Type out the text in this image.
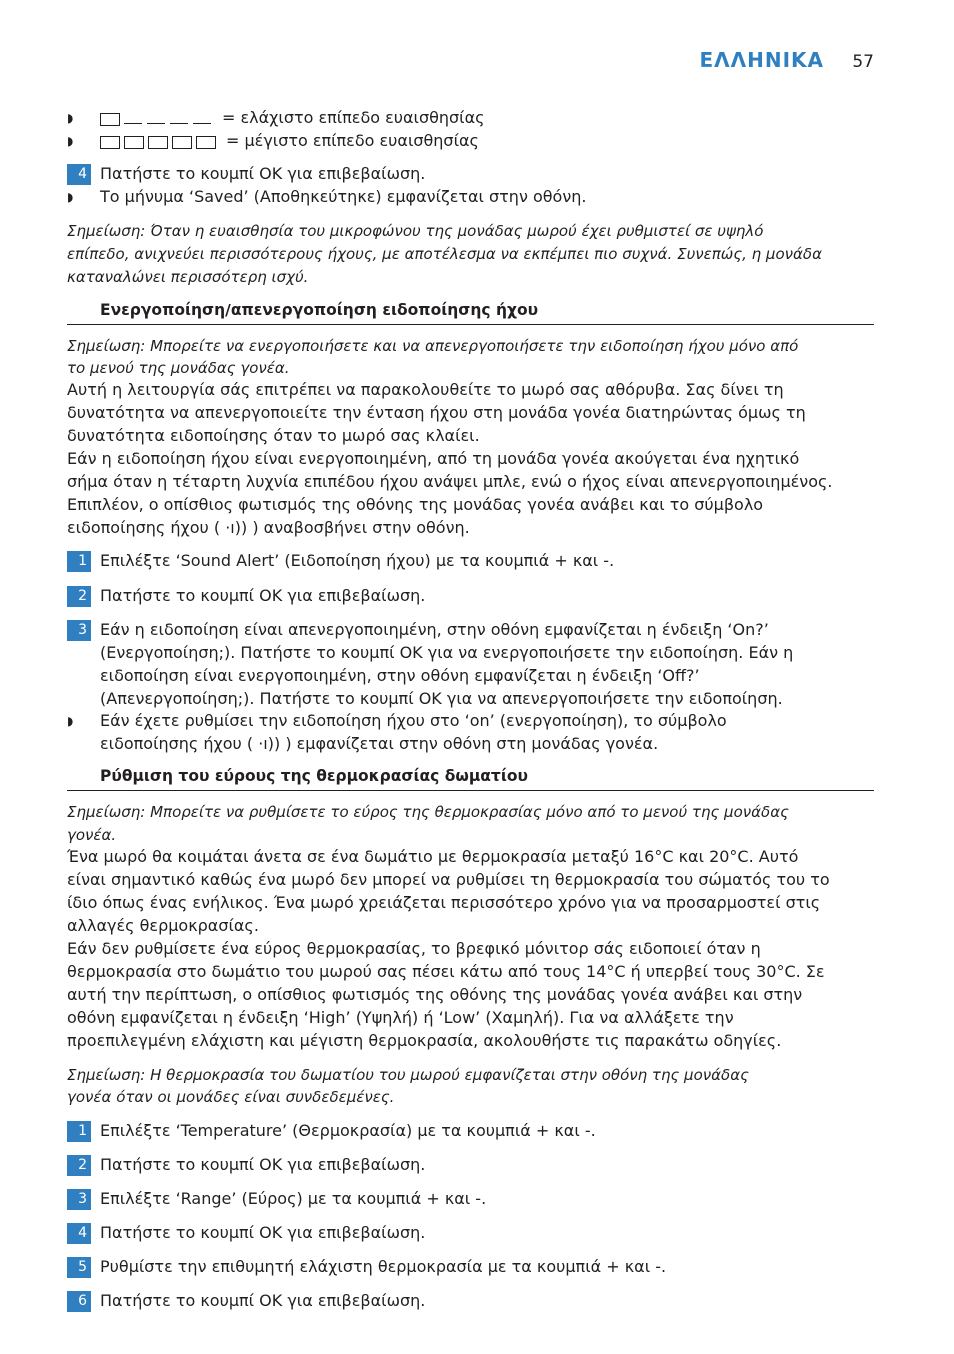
ΕΛΛΗΝΙΚΑ 57
◗	= ελάχιστο επίπεδο ευαισθησίας
◗	= μέγιστο επίπεδο ευαισθησίας
4 Πατήστε το κουμπί OK για επιβεβαίωση.
◗ Το μήνυμα ‘Saved’ (Αποθηκεύτηκε) εμφανίζεται στην οθόνη.
Σημείωση: Όταν η ευαισθησία του μικροφώνου της μονάδας μωρού έχει ρυθμιστεί σε υψηλό
επίπεδο, ανιχνεύει περισσότερους ήχους, με αποτέλεσμα να εκπέμπει πιο συχνά. Συνεπώς, η μονάδα
καταναλώνει περισσότερη ισχύ.
Ενεργοποίηση/απενεργοποίηση ειδοποίησης ήχου
Σημείωση: Μπορείτε να ενεργοποιήσετε και να απενεργοποιήσετε την ειδοποίηση ήχου μόνο από
το μενού της μονάδας γονέα.
Αυτή η λειτουργία σάς επιτρέπει να παρακολουθείτε το μωρό σας αθόρυβα. Σας δίνει τη
δυνατότητα να απενεργοποιείτε την ένταση ήχου στη μονάδα γονέα διατηρώντας όμως τη
δυνατότητα ειδοποίησης όταν το μωρό σας κλαίει.
Εάν η ειδοποίηση ήχου είναι ενεργοποιημένη, από τη μονάδα γονέα ακούγεται ένα ηχητικό
σήμα όταν η τέταρτη λυχνία επιπέδου ήχου ανάψει μπλε, ενώ ο ήχος είναι απενεργοποιημένος.
Επιπλέον, ο οπίσθιος φωτισμός της οθόνης της μονάδας γονέα ανάβει και το σύμβολο
ειδοποίησης ήχου ( ·ı)) ) αναβοσβήνει στην οθόνη.
1 Επιλέξτε ‘Sound Alert’ (Ειδοποίηση ήχου) με τα κουμπιά + και -.
2 Πατήστε το κουμπί OK για επιβεβαίωση.
3 Εάν η ειδοποίηση είναι απενεργοποιημένη, στην οθόνη εμφανίζεται η ένδειξη ‘On?’
(Ενεργοποίηση;). Πατήστε το κουμπί OK για να ενεργοποιήσετε την ειδοποίηση. Εάν η
ειδοποίηση είναι ενεργοποιημένη, στην οθόνη εμφανίζεται η ένδειξη ‘Off?’
(Απενεργοποίηση;). Πατήστε το κουμπί OK για να απενεργοποιήσετε την ειδοποίηση.
◗ Εάν έχετε ρυθμίσει την ειδοποίηση ήχου στο ‘on’ (ενεργοποίηση), το σύμβολο
ειδοποίησης ήχου ( ·ı)) ) εμφανίζεται στην οθόνη στη μονάδας γονέα.
Ρύθμιση του εύρους της θερμοκρασίας δωματίου
Σημείωση: Μπορείτε να ρυθμίσετε το εύρος της θερμοκρασίας μόνο από το μενού της μονάδας
γονέα.
Ένα μωρό θα κοιμάται άνετα σε ένα δωμάτιο με θερμοκρασία μεταξύ 16°C και 20°C. Αυτό
είναι σημαντικό καθώς ένα μωρό δεν μπορεί να ρυθμίσει τη θερμοκρασία του σώματός του το
ίδιο όπως ένας ενήλικος. Ένα μωρό χρειάζεται περισσότερο χρόνο για να προσαρμοστεί στις
αλλαγές θερμοκρασίας.
Εάν δεν ρυθμίσετε ένα εύρος θερμοκρασίας, το βρεφικό μόνιτορ σάς ειδοποιεί όταν η
θερμοκρασία στο δωμάτιο του μωρού σας πέσει κάτω από τους 14°C ή υπερβεί τους 30°C. Σε
αυτή την περίπτωση, ο οπίσθιος φωτισμός της οθόνης της μονάδας γονέα ανάβει και στην
οθόνη εμφανίζεται η ένδειξη ‘High’ (Υψηλή) ή ‘Low’ (Χαμηλή). Για να αλλάξετε την
προεπιλεγμένη ελάχιστη και μέγιστη θερμοκρασία, ακολουθήστε τις παρακάτω οδηγίες.
Σημείωση: Η θερμοκρασία του δωματίου του μωρού εμφανίζεται στην οθόνη της μονάδας
γονέα όταν οι μονάδες είναι συνδεδεμένες.
1 Επιλέξτε ‘Temperature’ (Θερμοκρασία) με τα κουμπιά + και -.
2 Πατήστε το κουμπί OK για επιβεβαίωση.
3 Επιλέξτε ‘Range’ (Εύρος) με τα κουμπιά + και -.
4 Πατήστε το κουμπί OK για επιβεβαίωση.
5 Ρυθμίστε την επιθυμητή ελάχιστη θερμοκρασία με τα κουμπιά + και -.
6 Πατήστε το κουμπί OK για επιβεβαίωση.
